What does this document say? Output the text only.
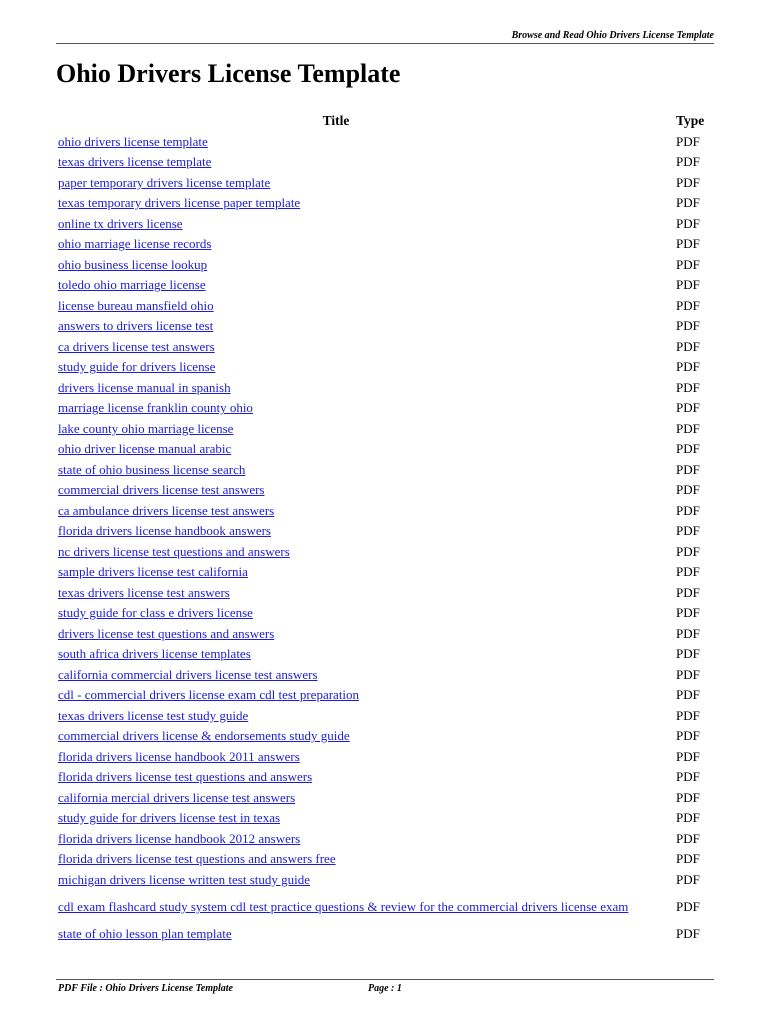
Browse and Read Ohio Drivers License Template
Ohio Drivers License Template
Title	Type
ohio drivers license template	PDF
texas drivers license template	PDF
paper temporary drivers license template	PDF
texas temporary drivers license paper template	PDF
online tx drivers license	PDF
ohio marriage license records	PDF
ohio business license lookup	PDF
toledo ohio marriage license	PDF
license bureau mansfield ohio	PDF
answers to drivers license test	PDF
ca drivers license test answers	PDF
study guide for drivers license	PDF
drivers license manual in spanish	PDF
marriage license franklin county ohio	PDF
lake county ohio marriage license	PDF
ohio driver license manual arabic	PDF
state of ohio business license search	PDF
commercial drivers license test answers	PDF
ca ambulance drivers license test answers	PDF
florida drivers license handbook answers	PDF
nc drivers license test questions and answers	PDF
sample drivers license test california	PDF
texas drivers license test answers	PDF
study guide for class e drivers license	PDF
drivers license test questions and answers	PDF
south africa drivers license templates	PDF
california commercial drivers license test answers	PDF
cdl - commercial drivers license exam cdl test preparation	PDF
texas drivers license test study guide	PDF
commercial drivers license & endorsements study guide	PDF
florida drivers license handbook 2011 answers	PDF
florida drivers license test questions and answers	PDF
california mercial drivers license test answers	PDF
study guide for drivers license test in texas	PDF
florida drivers license handbook 2012 answers	PDF
florida drivers license test questions and answers free	PDF
michigan drivers license written test study guide	PDF
cdl exam flashcard study system cdl test practice questions & review for the commercial drivers license exam	PDF
state of ohio lesson plan template	PDF
PDF File : Ohio Drivers License Template	Page : 1
